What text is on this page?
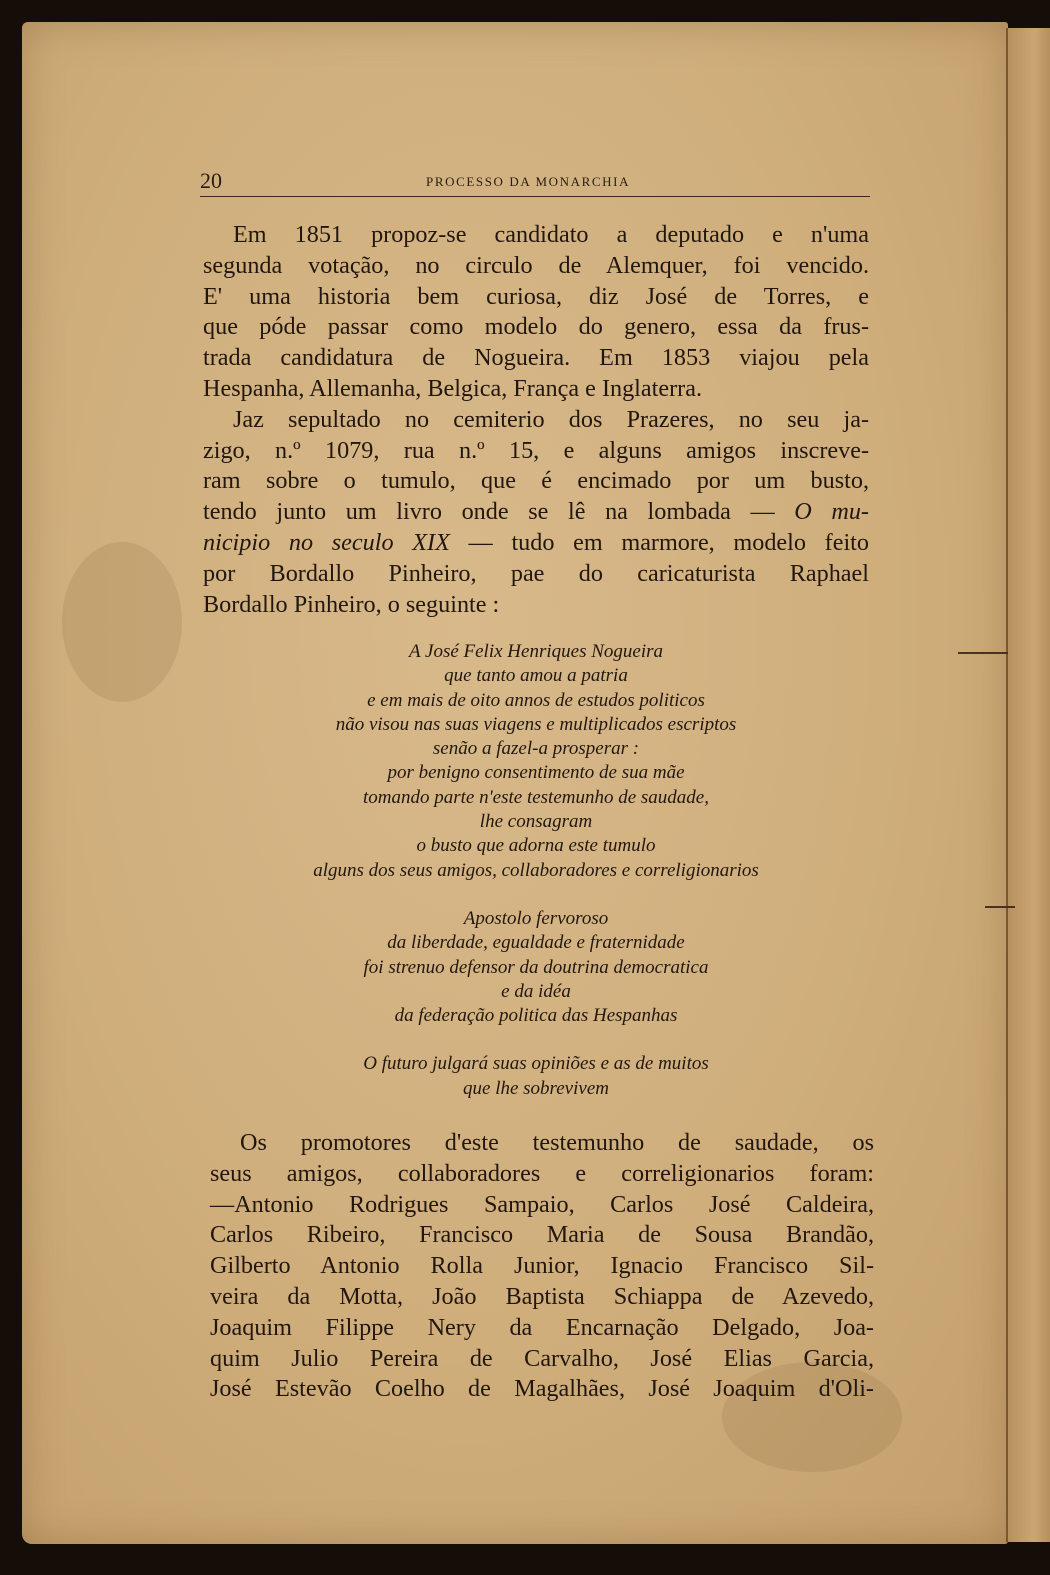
20	PROCESSO DA MONARCHIA

Em 1851 propoz-se candidato a deputado e n'uma
segunda votação, no circulo de Alemquer, foi vencido.
E' uma historia bem curiosa, diz José de Torres, e
que póde passar como modelo do genero, essa da frus-
trada candidatura de Nogueira. Em 1853 viajou pela
Hespanha, Allemanha, Belgica, França e Inglaterra.

Jaz sepultado no cemiterio dos Prazeres, no seu ja-
zigo, n.º 1079, rua n.º 15, e alguns amigos inscreve-
ram sobre o tumulo, que é encimado por um busto,
tendo junto um livro onde se lê na lombada — O mu-
nicipio no seculo XIX — tudo em marmore, modelo feito
por Bordallo Pinheiro, pae do caricaturista Raphael
Bordallo Pinheiro, o seguinte :

A José Felix Henriques Nogueira
que tanto amou a patria
e em mais de oito annos de estudos politicos
não visou nas suas viagens e multiplicados escriptos
senão a fazel-a prosperar :
por benigno consentimento de sua mãe
tomando parte n'este testemunho de saudade,
lhe consagram
o busto que adorna este tumulo
alguns dos seus amigos, collaboradores e correligionarios
Apostolo fervoroso
da liberdade, egualdade e fraternidade
foi strenuo defensor da doutrina democratica
e da idéa
da federação politica das Hespanhas
O futuro julgará suas opiniões e as de muitos
que lhe sobrevivem
Os promotores d'este testemunho de saudade, os
seus amigos, collaboradores e correligionarios foram:
—Antonio Rodrigues Sampaio, Carlos José Caldeira,
Carlos Ribeiro, Francisco Maria de Sousa Brandão,
Gilberto Antonio Rolla Junior, Ignacio Francisco Sil-
veira da Motta, João Baptista Schiappa de Azevedo,
Joaquim Filippe Nery da Encarnação Delgado, Joa-
quim Julio Pereira de Carvalho, José Elias Garcia,
José Estevão Coelho de Magalhães, José Joaquim d'Oli-
